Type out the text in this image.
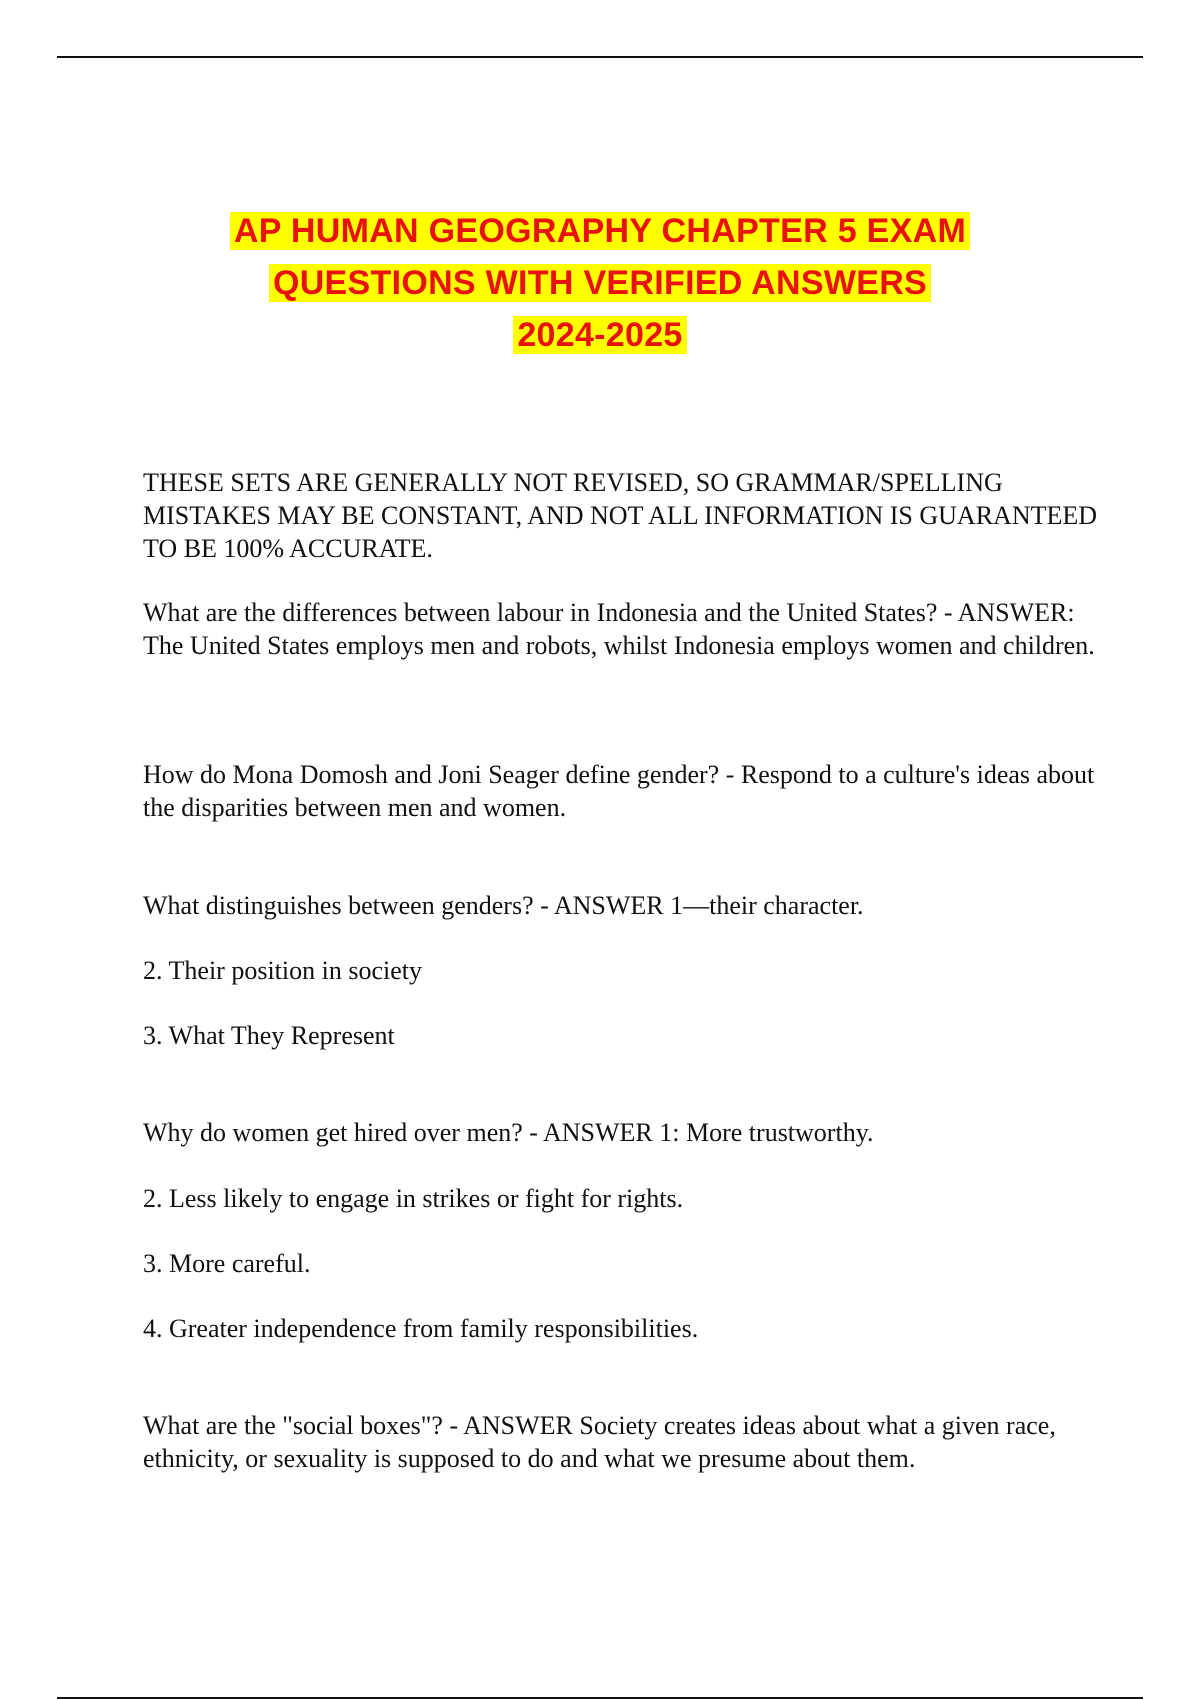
AP HUMAN GEOGRAPHY CHAPTER 5 EXAM
QUESTIONS WITH VERIFIED ANSWERS
2024-2025

THESE SETS ARE GENERALLY NOT REVISED, SO GRAMMAR/SPELLING MISTAKES MAY BE CONSTANT, AND NOT ALL INFORMATION IS GUARANTEED TO BE 100% ACCURATE.

What are the differences between labour in Indonesia and the United States? - ANSWER: The United States employs men and robots, whilst Indonesia employs women and children.

How do Mona Domosh and Joni Seager define gender? - Respond to a culture's ideas about the disparities between men and women.

What distinguishes between genders? - ANSWER 1—their character.

2. Their position in society

3. What They Represent

Why do women get hired over men? - ANSWER 1: More trustworthy.

2. Less likely to engage in strikes or fight for rights.

3. More careful.

4. Greater independence from family responsibilities.

What are the "social boxes"? - ANSWER Society creates ideas about what a given race, ethnicity, or sexuality is supposed to do and what we presume about them.
